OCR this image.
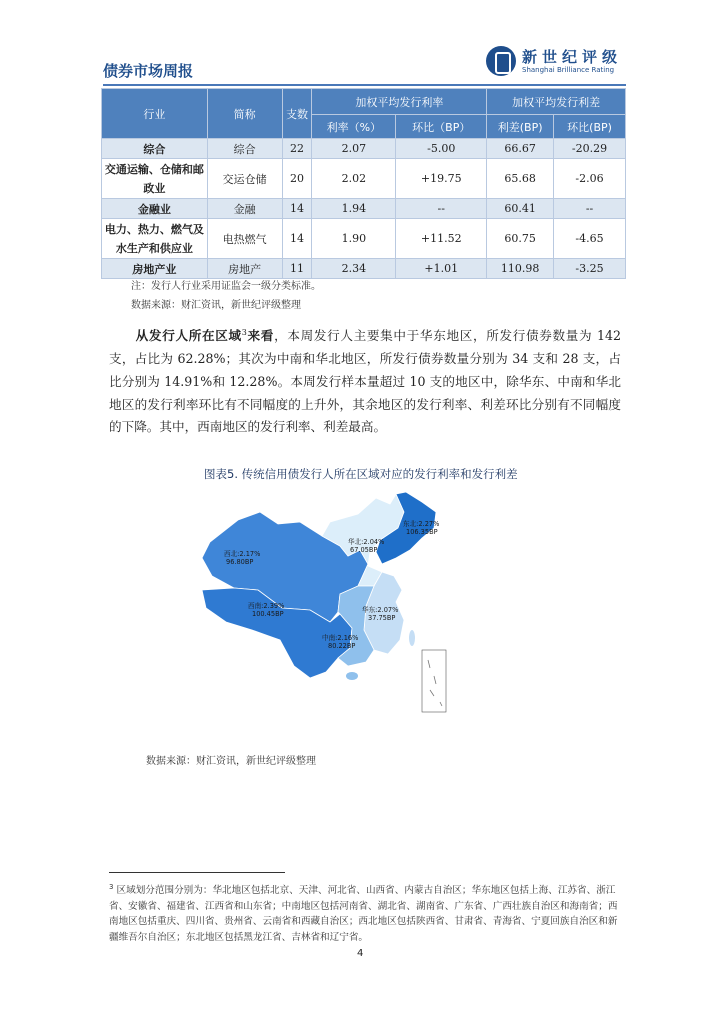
债券市场周报
新世纪评级
Shanghai Brilliance Rating
行业	简称	支数	加权平均发行利率		加权平均发行利差	
			利率（%）	环比（BP）	利差(BP)	环比(BP)
综合	综合	22	2.07	-5.00	66.67	-20.29
交通运输、仓储和邮政业	交运仓储	20	2.02	+19.75	65.68	-2.06
金融业	金融	14	1.94	--	60.41	--
电力、热力、燃气及水生产和供应业	电热燃气	14	1.90	+11.52	60.75	-4.65
房地产业	房地产	11	2.34	+1.01	110.98	-3.25
注：发行人行业采用证监会一级分类标准。
数据来源：财汇资讯，新世纪评级整理
从发行人所在区域$^3$来看，本周发行人主要集中于华东地区，所发行债券数量为 142 支，占比为 62.28%；其次为中南和华北地区，所发行债券数量分别为 34 支和 28 支，占比分别为 14.91%和 12.28%。本周发行样本量超过 10 支的地区中，除华东、中南和华北地区的发行利率环比有不同幅度的上升外，其余地区的发行利率、利差环比分别有不同幅度的下降。其中，西南地区的发行利率、利差最高。
图表5. 传统信用债发行人所在区域对应的发行利率和发行利差
东北:2.27%
106.35BP
华北:2.04%
67.05BP
西北:2.17%
96.80BP
西南:2.39%
100.45BP	华东:2.07%
37.75BP
中南:2.16%
80.22BP
数据来源：财汇资讯，新世纪评级整理
$^3$ 区域划分范围分别为：华北地区包括北京、天津、河北省、山西省、内蒙古自治区；华东地区包括上海、江苏省、浙江省、安徽省、福建省、江西省和山东省；中南地区包括河南省、湖北省、湖南省、广东省、广西壮族自治区和海南省；西南地区包括重庆、四川省、贵州省、云南省和西藏自治区；西北地区包括陕西省、甘肃省、青海省、宁夏回族自治区和新疆维吾尔自治区；东北地区包括黑龙江省、吉林省和辽宁省。
4
